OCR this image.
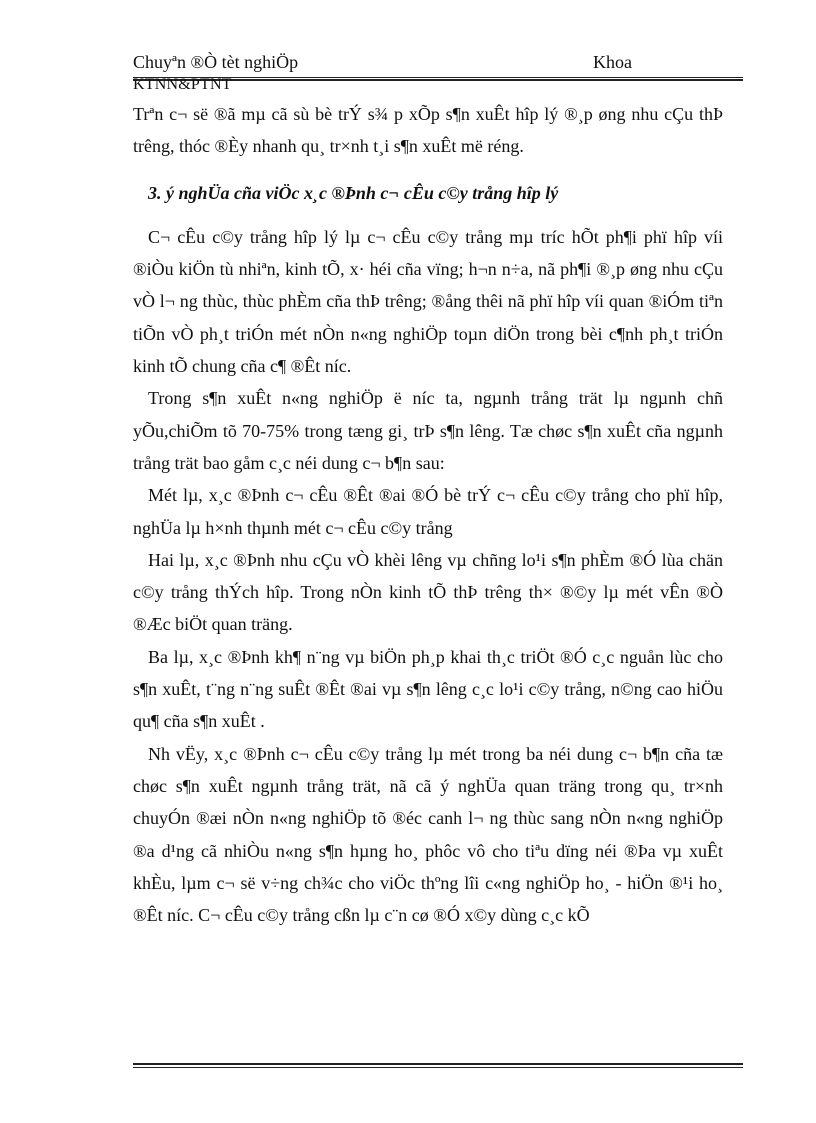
Chuyªn ®Ò tèt nghiÖp	Khoa
KTNN&PTNT

Trªn c¬ së ®ã mµ cã sù bè trÝ s¾ p xÕp s¶n xuÊt hîp lý ®¸p øng nhu cÇu thÞ trêng, thóc ®Èy nhanh qu¸ tr×nh t¸i s¶n xuÊt më réng.

3. ý nghÜa cña viÖc x¸c ®Þnh c¬ cÊu c©y trång hîp lý

C¬ cÊu c©y trång hîp lý lµ c¬ cÊu c©y trång mµ tríc hÕt ph¶i phï hîp víi ®iÒu kiÖn tù nhiªn, kinh tÕ, x· héi cña vïng; h¬n n÷a, nã ph¶i ®¸p øng nhu cÇu vÒ l¬ ng thùc, thùc phÈm cña thÞ trêng; ®ång thêi nã phï hîp víi quan ®iÓm tiªn tiÕn vÒ ph¸t triÓn mét nÒn n«ng nghiÖp toµn diÖn trong bèi c¶nh ph¸t triÓn kinh tÕ chung cña c¶ ®Êt níc.

Trong s¶n xuÊt n«ng nghiÖp ë níc ta, ngµnh trång trät lµ ngµnh chñ yÕu,chiÕm tõ 70-75% trong tæng gi¸ trÞ s¶n lêng. Tæ chøc s¶n xuÊt cña ngµnh trång trät bao gåm c¸c néi dung c¬ b¶n sau:

Mét lµ, x¸c ®Þnh c¬ cÊu ®Êt ®ai ®Ó bè trÝ c¬ cÊu c©y trång cho phï hîp, nghÜa lµ h×nh thµnh mét c¬ cÊu c©y trång

Hai lµ, x¸c ®Þnh nhu cÇu vÒ khèi lêng vµ chñng lo¹i s¶n phÈm ®Ó lùa chän c©y trång thÝch hîp. Trong nÒn kinh tÕ thÞ trêng th× ®©y lµ mét vÊn ®Ò ®Æc biÖt quan träng.

Ba lµ, x¸c ®Þnh kh¶ n¨ng vµ biÖn ph¸p khai th¸c triÖt ®Ó c¸c nguån lùc cho s¶n xuÊt, t¨ng n¨ng suÊt ®Êt ®ai vµ s¶n lêng c¸c lo¹i c©y trång, n©ng cao hiÖu qu¶ cña s¶n xuÊt .

Nh vËy, x¸c ®Þnh c¬ cÊu c©y trång lµ mét trong ba néi dung c¬ b¶n cña tæ chøc s¶n xuÊt ngµnh trång trät, nã cã ý nghÜa quan träng trong qu¸ tr×nh chuyÓn ®æi nÒn n«ng nghiÖp tõ ®éc canh l¬ ng thùc sang nÒn n«ng nghiÖp ®a d¹ng cã nhiÒu n«ng s¶n hµng ho¸ phôc vô cho tiªu dïng néi ®Þa vµ xuÊt khÈu, lµm c¬ së v÷ng ch¾c cho viÖc thºng lîi c«ng nghiÖp ho¸ - hiÖn ®¹i ho¸ ®Êt níc. C¬ cÊu c©y trång cßn lµ c¨n cø ®Ó x©y dùng c¸c kÕ
